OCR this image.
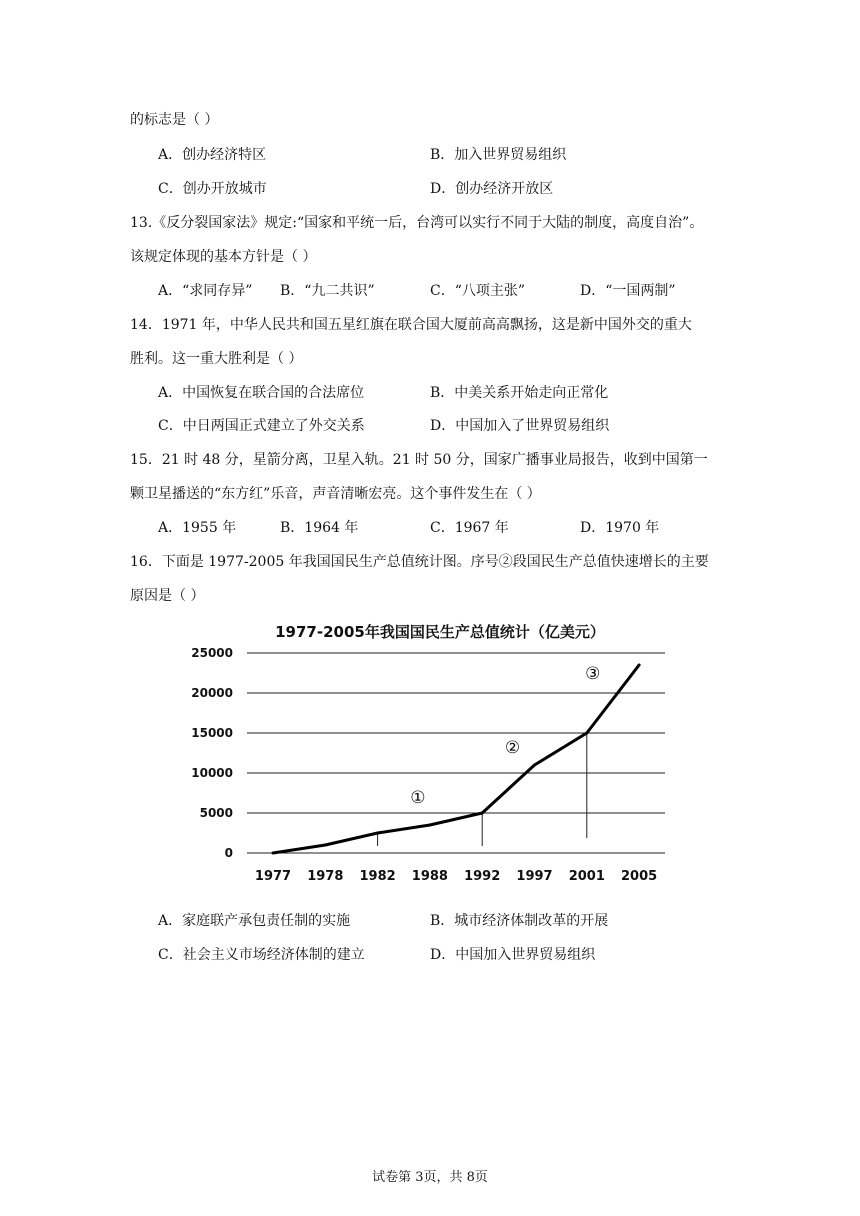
的标志是（ ）
A．创办经济特区	B．加入世界贸易组织
C．创办开放城市	D．创办经济开放区
13.《反分裂国家法》规定:“国家和平统一后，台湾可以实行不同于大陆的制度，高度自治”。
该规定体现的基本方针是（ ）
A．“求同存异” B．“九二共识”	C．“八项主张”	D．“一国两制”
14．1971 年，中华人民共和国五星红旗在联合国大厦前高高飘扬，这是新中国外交的重大
胜利。这一重大胜利是（ ）
A．中国恢复在联合国的合法席位	B．中美关系开始走向正常化
C．中日两国正式建立了外交关系	D．中国加入了世界贸易组织
15．21 时 48 分，星箭分离，卫星入轨。21 时 50 分，国家广播事业局报告，收到中国第一
颗卫星播送的“东方红”乐音，声音清晰宏亮。这个事件发生在（ ）
A．1955 年	B．1964 年	C．1967 年	D．1970 年
16．下面是 1977-2005 年我国国民生产总值统计图。序号②段国民生产总值快速增长的主要
原因是（ ）
1977-2005年我国国民生产总值统计（亿美元）
0
5000
10000
15000
20000
25000
1977 1978 1982 1988 1992 1997 2001 2005
①
②
③
A．家庭联产承包责任制的实施	B．城市经济体制改革的开展
C．社会主义市场经济体制的建立	D．中国加入世界贸易组织
试卷第 3页，共 8页
